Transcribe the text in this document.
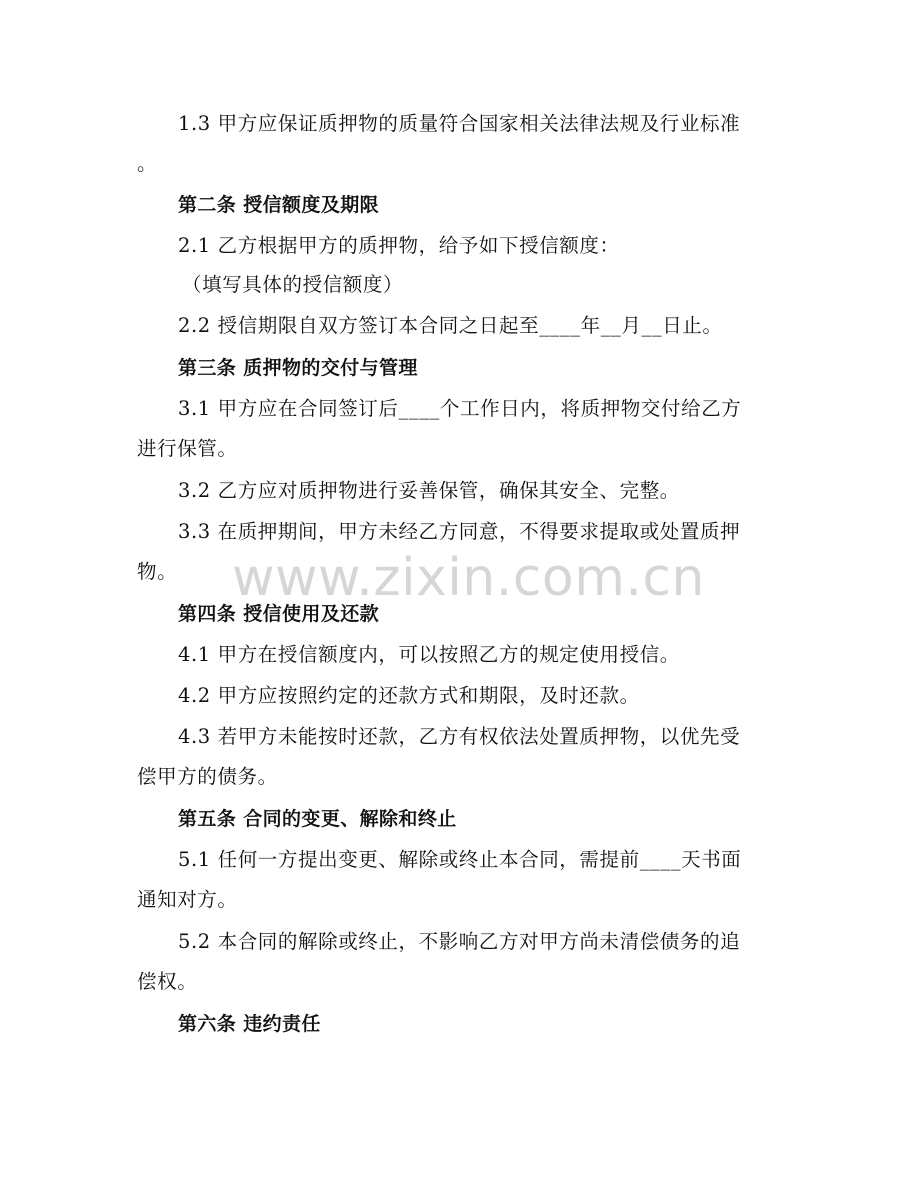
1.3 甲方应保证质押物的质量符合国家相关法律法规及行业标准
。
第二条 授信额度及期限
2.1 乙方根据甲方的质押物，给予如下授信额度：
（填写具体的授信额度）
2.2 授信期限自双方签订本合同之日起至____年__月__日止。
第三条 质押物的交付与管理
3.1 甲方应在合同签订后____个工作日内，将质押物交付给乙方
进行保管。
3.2 乙方应对质押物进行妥善保管，确保其安全、完整。
3.3 在质押期间，甲方未经乙方同意，不得要求提取或处置质押
物。
第四条 授信使用及还款
4.1 甲方在授信额度内，可以按照乙方的规定使用授信。
4.2 甲方应按照约定的还款方式和期限，及时还款。
4.3 若甲方未能按时还款，乙方有权依法处置质押物，以优先受
偿甲方的债务。
第五条 合同的变更、解除和终止
5.1 任何一方提出变更、解除或终止本合同，需提前____天书面
通知对方。
5.2 本合同的解除或终止，不影响乙方对甲方尚未清偿债务的追
偿权。
第六条 违约责任
www.zixin.com.cn
